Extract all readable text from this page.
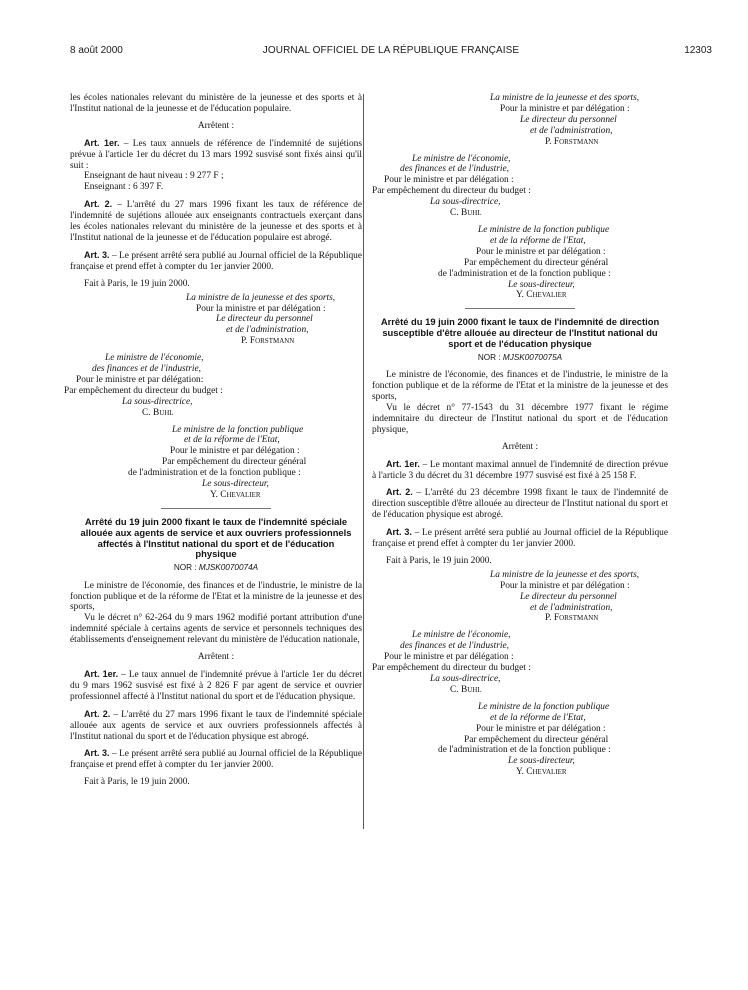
8 août 2000	JOURNAL OFFICIEL DE LA RÉPUBLIQUE FRANÇAISE	12303

les écoles nationales relevant du ministère de la jeunesse et des sports et à l'Institut national de la jeunesse et de l'éducation populaire.

Arrêtent :

Art. 1er. – Les taux annuels de référence de l'indemnité de sujétions prévue à l'article 1er du décret du 13 mars 1992 susvisé sont fixés ainsi qu'il suit :

Enseignant de haut niveau : 9 277 F ;

Enseignant : 6 397 F.

Art. 2. – L'arrêté du 27 mars 1996 fixant les taux de référence de l'indemnité de sujétions allouée aux enseignants contractuels exerçant dans les écoles nationales relevant du ministère de la jeunesse et des sports et à l'Institut national de la jeunesse et de l'éducation populaire est abrogé.

Art. 3. – Le présent arrêté sera publié au Journal officiel de la République française et prend effet à compter du 1er janvier 2000.

Fait à Paris, le 19 juin 2000.

La ministre de la jeunesse et des sports,
Pour la ministre et par délégation :
Le directeur du personnel
et de l'administration,
P. Forstmann
Le ministre de l'économie,
des finances et de l'industrie,
Pour le ministre et par délégation:
Par empêchement du directeur du budget :
La sous-directrice,
C. Buhl
Le ministre de la fonction publique
et de la réforme de l'Etat,
Pour le ministre et par délégation :
Par empêchement du directeur général
de l'administration et de la fonction publique :
Le sous-directeur,
Y. Chevalier
Arrêté du 19 juin 2000 fixant le taux de l'indemnité spéciale allouée aux agents de service et aux ouvriers professionnels affectés à l'Institut national du sport et de l'éducation physique
NOR : MJSK0070074A

Le ministre de l'économie, des finances et de l'industrie, le ministre de la fonction publique et de la réforme de l'Etat et la ministre de la jeunesse et des sports,

Vu le décret n° 62-264 du 9 mars 1962 modifié portant attribution d'une indemnité spéciale à certains agents de service et personnels techniques des établissements d'enseignement relevant du ministère de l'éducation nationale,

Arrêtent :

Art. 1er. – Le taux annuel de l'indemnité prévue à l'article 1er du décret du 9 mars 1962 susvisé est fixé à 2 826 F par agent de service et ouvrier professionnel affecté à l'Institut national du sport et de l'éducation physique.

Art. 2. – L'arrêté du 27 mars 1996 fixant le taux de l'indemnité spéciale allouée aux agents de service et aux ouvriers professionnels affectés à l'Institut national du sport et de l'éducation physique est abrogé.

Art. 3. – Le présent arrêté sera publié au Journal officiel de la République française et prend effet à compter du 1er janvier 2000.

Fait à Paris, le 19 juin 2000.

La ministre de la jeunesse et des sports,
Pour la ministre et par délégation :
Le directeur du personnel
et de l'administration,
P. Forstmann
Le ministre de l'économie,
des finances et de l'industrie,
Pour le ministre et par délégation :
Par empêchement du directeur du budget :
La sous-directrice,
C. Buhl
Le ministre de la fonction publique
et de la réforme de l'Etat,
Pour le ministre et par délégation :
Par empêchement du directeur général
de l'administration et de la fonction publique :
Le sous-directeur,
Y. Chevalier
Arrêté du 19 juin 2000 fixant le taux de l'indemnité de direction susceptible d'être allouée au directeur de l'Institut national du sport et de l'éducation physique
NOR : MJSK0070075A

Le ministre de l'économie, des finances et de l'industrie, le ministre de la fonction publique et de la réforme de l'Etat et la ministre de la jeunesse et des sports,

Vu le décret n° 77-1543 du 31 décembre 1977 fixant le régime indemnitaire du directeur de l'Institut national du sport et de l'éducation physique,

Arrêtent :

Art. 1er. – Le montant maximal annuel de l'indemnité de direction prévue à l'article 3 du décret du 31 décembre 1977 susvisé est fixé à 25 158 F.

Art. 2. – L'arrêté du 23 décembre 1998 fixant le taux de l'indemnité de direction susceptible d'être allouée au directeur de l'Institut national du sport et de l'éducation physique est abrogé.

Art. 3. – Le présent arrêté sera publié au Journal officiel de la République française et prend effet à compter du 1er janvier 2000.

Fait à Paris, le 19 juin 2000.

La ministre de la jeunesse et des sports,
Pour la ministre et par délégation :
Le directeur du personnel
et de l'administration,
P. Forstmann
Le ministre de l'économie,
des finances et de l'industrie,
Pour le ministre et par délégation :
Par empêchement du directeur du budget :
La sous-directrice,
C. Buhl
Le ministre de la fonction publique
et de la réforme de l'Etat,
Pour le ministre et par délégation :
Par empêchement du directeur général
de l'administration et de la fonction publique :
Le sous-directeur,
Y. Chevalier
